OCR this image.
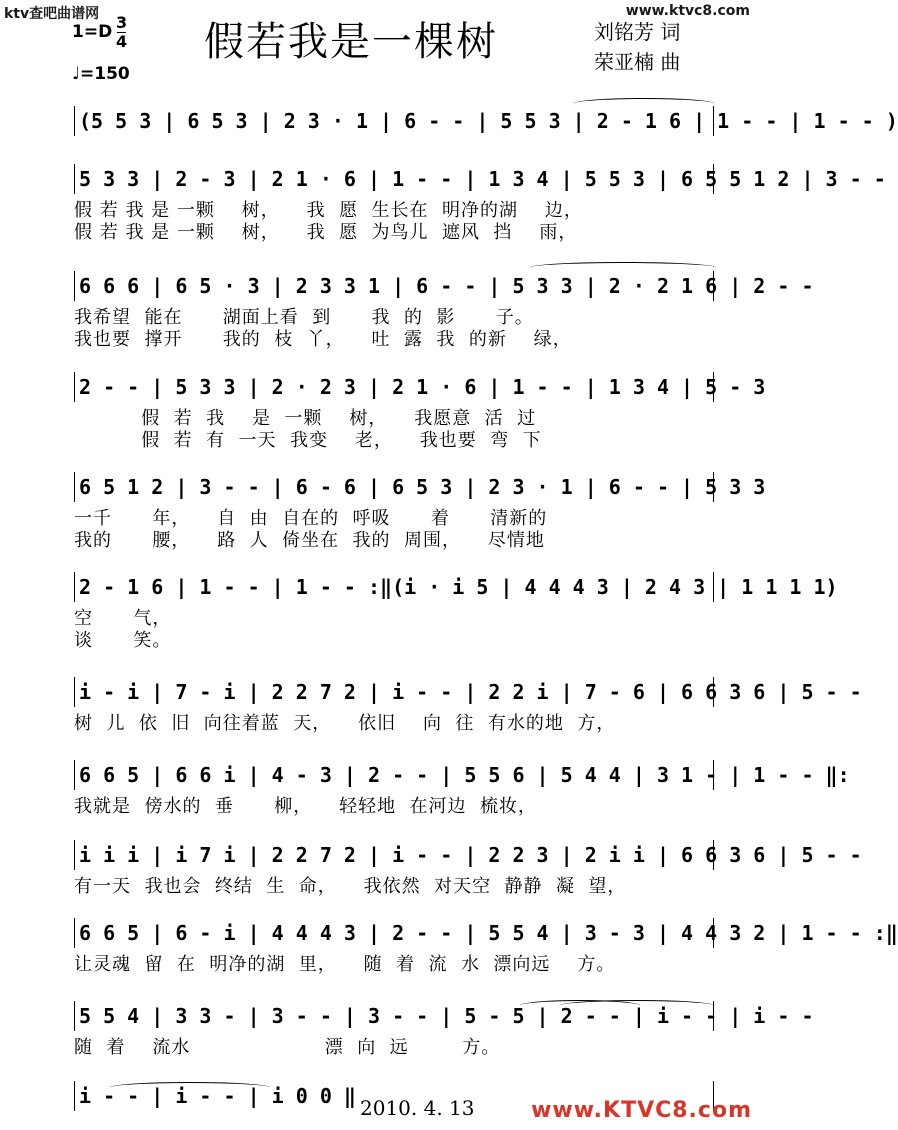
ktv查吧曲谱网	www.ktvc8.com
1=D 3
4
♩=150
假若我是一棵树	刘铭芳 词
荣亚楠 曲
(5 5 3 | 6 5 3 | 2 3 · 1 | 6 - - | 5 5 3 | 2 - 1 6 | 1 - - | 1 - - )
5 3 3 | 2 - 3 | 2 1 · 6 | 1 - - | 1 3 4 | 5 5 3 | 6 5 5 1 2 | 3 - -
假 若 我 是 一颗    树，    我  愿  生长在  明净的湖    边，
假 若 我 是 一颗    树，    我  愿  为鸟儿  遮风  挡    雨，
6 6 6 | 6 5 · 3 | 2 3 3 1 | 6 - - | 5 3 3 | 2 · 2 1 6 | 2 - -
我希望  能在      湖面上看  到      我  的  影      子。
我也要  撑开      我的  枝  丫，    吐  露  我  的新    绿，
2 - - | 5 3 3 | 2 · 2 3 | 2 1 · 6 | 1 - - | 1 3 4 | 5 - 3
假  若  我    是  一颗    树，    我愿意  活  过
假  若  有  一天  我变    老，    我也要  弯  下
6 5 1 2 | 3 - - | 6 - 6 | 6 5 3 | 2 3 · 1 | 6 - - | 5 3 3
一千      年，    自  由  自在的  呼吸      着      清新的
我的      腰，    路  人  倚坐在  我的  周围，    尽情地
2 - 1 6 | 1 - - | 1 - - :‖(i · i 5 | 4 4 4 3 | 2 4 3 | 1 1 1 1)
空      气，
谈      笑。
i - i | 7 - i | 2 2 7 2 | i - - | 2 2 i | 7 - 6 | 6 6 3 6 | 5 - -
树  儿  依  旧  向往着蓝  天，    依旧    向  往  有水的地  方，
6 6 5 | 6 6 i | 4 - 3 | 2 - - | 5 5 6 | 5 4 4 | 3 1 - | 1 - - ‖:
我就是  傍水的  垂      柳，    轻轻地  在河边  梳妆，
i i i | i 7 i | 2 2 7 2 | i - - | 2 2 3 | 2 i i | 6 6 3 6 | 5 - -
有一天  我也会  终结  生  命，    我依然  对天空  静静  凝  望，
6 6 5 | 6 - i | 4 4 4 3 | 2 - - | 5 5 4 | 3 - 3 | 4 4 3 2 | 1 - - :‖
让灵魂  留  在  明净的湖  里，    随  着  流  水  漂向远    方。
5 5 4 | 3 3 - | 3 - - | 3 - - | 5 - 5 | 2 - - | i - - | i - -
随  着    流水                    漂  向  远        方。
i - - | i - - | i 0 0 ‖ 2010. 4. 13	www.KTVC8.com
